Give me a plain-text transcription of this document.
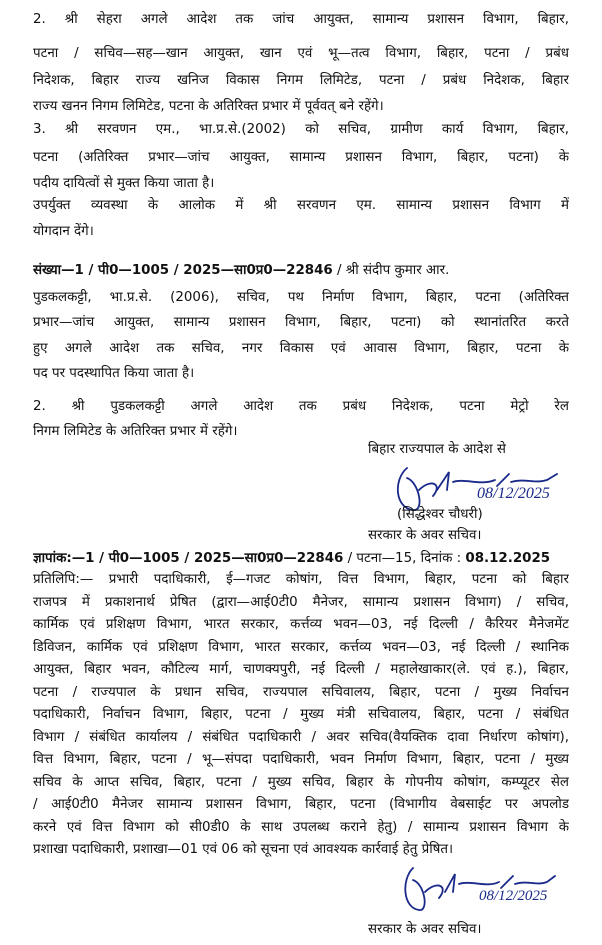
2. श्री सेहरा अगले आदेश तक जांच आयुक्त, सामान्य प्रशासन विभाग, बिहार,
पटना / सचिव—सह—खान आयुक्त, खान एवं भू—तत्व विभाग, बिहार, पटना / प्रबंध
निदेशक, बिहार राज्य खनिज विकास निगम लिमिटेड, पटना / प्रबंध निदेशक, बिहार
राज्य खनन निगम लिमिटेड, पटना के अतिरिक्त प्रभार में पूर्ववत् बने रहेंगे।
3. श्री सरवणन एम., भा.प्र.से.(2002) को सचिव, ग्रामीण कार्य विभाग, बिहार,
पटना (अतिरिक्त प्रभार—जांच आयुक्त, सामान्य प्रशासन विभाग, बिहार, पटना) के
पदीय दायित्वों से मुक्त किया जाता है।
उपर्युक्त व्यवस्था के आलोक में श्री सरवणन एम. सामान्य प्रशासन विभाग में
योगदान देंगे।
संख्या—1 / पी0—1005 / 2025—सा0प्र0—22846 / श्री संदीप कुमार आर.
पुडकलकट्टी, भा.प्र.से. (2006), सचिव, पथ निर्माण विभाग, बिहार, पटना (अतिरिक्त
प्रभार—जांच आयुक्त, सामान्य प्रशासन विभाग, बिहार, पटना) को स्थानांतरित करते
हुए अगले आदेश तक सचिव, नगर विकास एवं आवास विभाग, बिहार, पटना के
पद पर पदस्थापित किया जाता है।
2. श्री पुडकलकट्टी अगले आदेश तक प्रबंध निदेशक, पटना मेट्रो रेल
निगम लिमिटेड के अतिरिक्त प्रभार में रहेंगे।
बिहार राज्यपाल के आदेश से
08/12/2025
(सिद्धेश्वर चौधरी)
सरकार के अवर सचिव।
ज्ञापांक:—1 / पी0—1005 / 2025—सा0प्र0—22846 / पटना—15, दिनांक : 08.12.2025
प्रतिलिपि:— प्रभारी पदाधिकारी, ई—गजट कोषांग, वित्त विभाग, बिहार, पटना को बिहार
राजपत्र में प्रकाशनार्थ प्रेषित (द्वारा—आई0टी0 मैनेजर, सामान्य प्रशासन विभाग) / सचिव,
कार्मिक एवं प्रशिक्षण विभाग, भारत सरकार, कर्त्तव्य भवन—03, नई दिल्ली / कैरियर मैनेजमेंट
डिविजन, कार्मिक एवं प्रशिक्षण विभाग, भारत सरकार, कर्त्तव्य भवन—03, नई दिल्ली / स्थानिक
आयुक्त, बिहार भवन, कौटिल्य मार्ग, चाणक्यपुरी, नई दिल्ली / महालेखाकार(ले. एवं ह.), बिहार,
पटना / राज्यपाल के प्रधान सचिव, राज्यपाल सचिवालय, बिहार, पटना / मुख्य निर्वाचन
पदाधिकारी, निर्वाचन विभाग, बिहार, पटना / मुख्य मंत्री सचिवालय, बिहार, पटना / संबंधित
विभाग / संबंधित कार्यालय / संबंधित पदाधिकारी / अवर सचिव(वैयक्तिक दावा निर्धारण कोषांग),
वित्त विभाग, बिहार, पटना / भू—संपदा पदाधिकारी, भवन निर्माण विभाग, बिहार, पटना / मुख्य
सचिव के आप्त सचिव, बिहार, पटना / मुख्य सचिव, बिहार के गोपनीय कोषांग, कम्प्यूटर सेल
/ आई0टी0 मैनेजर सामान्य प्रशासन विभाग, बिहार, पटना (विभागीय वेबसाईट पर अपलोड
करने एवं वित्त विभाग को सी0डी0 के साथ उपलब्ध कराने हेतु) / सामान्य प्रशासन विभाग के
प्रशाखा पदाधिकारी, प्रशाखा—01 एवं 06 को सूचना एवं आवश्यक कार्रवाई हेतु प्रेषित।
08/12/2025
सरकार के अवर सचिव।
